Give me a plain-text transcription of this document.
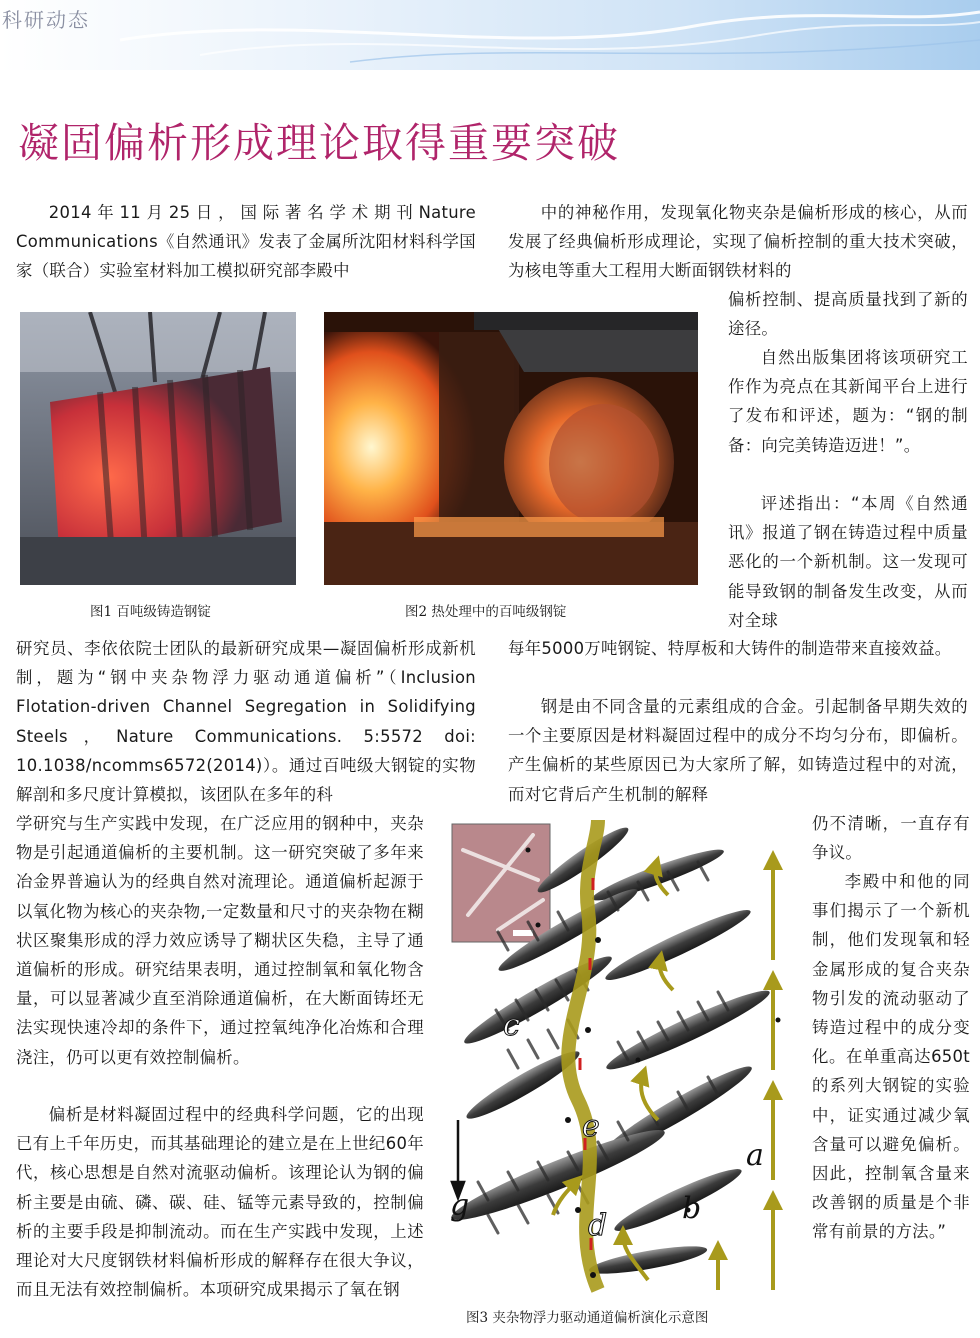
科研动态
凝固偏析形成理论取得重要突破

2014年11月25日，国际著名学术期刊Nature Communications《自然通讯》发表了金属所沈阳材料科学国家（联合）实验室材料加工模拟研究部李殿中

中的神秘作用，发现氧化物夹杂是偏析形成的核心，从而发展了经典偏析形成理论，实现了偏析控制的重大技术突破，为核电等重大工程用大断面钢铁材料的

偏析控制、提高质量找到了新的途径。

自然出版集团将该项研究工作作为亮点在其新闻平台上进行了发布和评述，题为：“钢的制备：向完美铸造迈进！”。

评述指出：“本周《自然通讯》报道了钢在铸造过程中质量恶化的一个新机制。这一发现可能导致钢的制备发生改变，从而对全球

图1 百吨级铸造钢锭	图2 热处理中的百吨级钢锭

研究员、李依依院士团队的最新研究成果—凝固偏析形成新机制，题为“钢中夹杂物浮力驱动通道偏析”（Inclusion Flotation-driven Channel Segregation in Solidifying Steels，Nature Communications. 5:5572 doi: 10.1038/ncomms6572(2014)）。通过百吨级大钢锭的实物解剖和多尺度计算模拟，该团队在多年的科

学研究与生产实践中发现，在广泛应用的钢种中，夹杂物是引起通道偏析的主要机制。这一研究突破了多年来冶金界普遍认为的经典自然对流理论。通道偏析起源于以氧化物为核心的夹杂物,一定数量和尺寸的夹杂物在糊状区聚集形成的浮力效应诱导了糊状区失稳，主导了通道偏析的形成。研究结果表明，通过控制氧和氧化物含量，可以显著减少直至消除通道偏析，在大断面铸坯无法实现快速冷却的条件下，通过控氧纯净化冶炼和合理浇注，仍可以更有效控制偏析。

偏析是材料凝固过程中的经典科学问题，它的出现已有上千年历史，而其基础理论的建立是在上世纪60年代，核心思想是自然对流驱动偏析。该理论认为钢的偏析主要是由硫、磷、碳、硅、锰等元素导致的，控制偏析的主要手段是抑制流动。而在生产实践中发现，上述理论对大尺度钢铁材料偏析形成的解释存在很大争议，而且无法有效控制偏析。本项研究成果揭示了氧在钢

每年5000万吨钢锭、特厚板和大铸件的制造带来直接效益。

钢是由不同含量的元素组成的合金。引起制备早期失效的一个主要原因是材料凝固过程中的成分不均匀分布，即偏析。产生偏析的某些原因已为大家所了解，如铸造过程中的对流，而对它背后产生机制的解释

仍不清晰，一直存有争议。

李殿中和他的同事们揭示了一个新机制，他们发现氧和轻金属形成的复合夹杂物引发的流动驱动了铸造过程中的成分变化。在单重高达650t的系列大钢锭的实验中，证实通过减少氧含量可以避免偏析。因此，控制氧含量来改善钢的质量是个非常有前景的方法。”

a
b
c
d
e
g
图3 夹杂物浮力驱动通道偏析演化示意图
